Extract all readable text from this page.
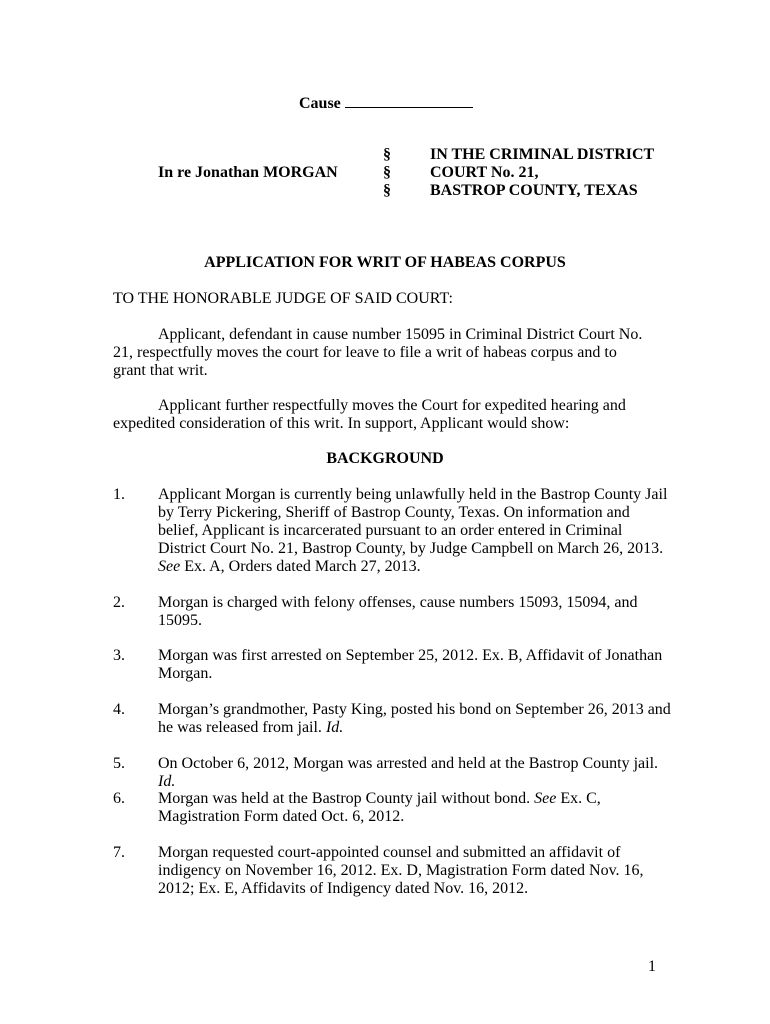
Cause
In re Jonathan MORGAN
§
§
§
IN THE CRIMINAL DISTRICT
COURT No. 21,
BASTROP COUNTY, TEXAS
APPLICATION FOR WRIT OF HABEAS CORPUS
TO THE HONORABLE JUDGE OF SAID COURT:

Applicant, defendant in cause number 15095 in Criminal District Court No. 21, respectfully moves the court for leave to file a writ of habeas corpus and to grant that writ.

Applicant further respectfully moves the Court for expedited hearing and expedited consideration of this writ. In support, Applicant would show:

BACKGROUND
1. Applicant Morgan is currently being unlawfully held in the Bastrop County Jail by Terry Pickering, Sheriff of Bastrop County, Texas. On information and belief, Applicant is incarcerated pursuant to an order entered in Criminal District Court No. 21, Bastrop County, by Judge Campbell on March 26, 2013. See Ex. A, Orders dated March 27, 2013.
2. Morgan is charged with felony offenses, cause numbers 15093, 15094, and 15095.
3. Morgan was first arrested on September 25, 2012. Ex. B, Affidavit of Jonathan Morgan.
4. Morgan’s grandmother, Pasty King, posted his bond on September 26, 2013 and he was released from jail. Id.
5. On October 6, 2012, Morgan was arrested and held at the Bastrop County jail. Id.
6. Morgan was held at the Bastrop County jail without bond. See Ex. C, Magistration Form dated Oct. 6, 2012.
7. Morgan requested court-appointed counsel and submitted an affidavit of indigency on November 16, 2012. Ex. D, Magistration Form dated Nov. 16, 2012; Ex. E, Affidavits of Indigency dated Nov. 16, 2012.
1
